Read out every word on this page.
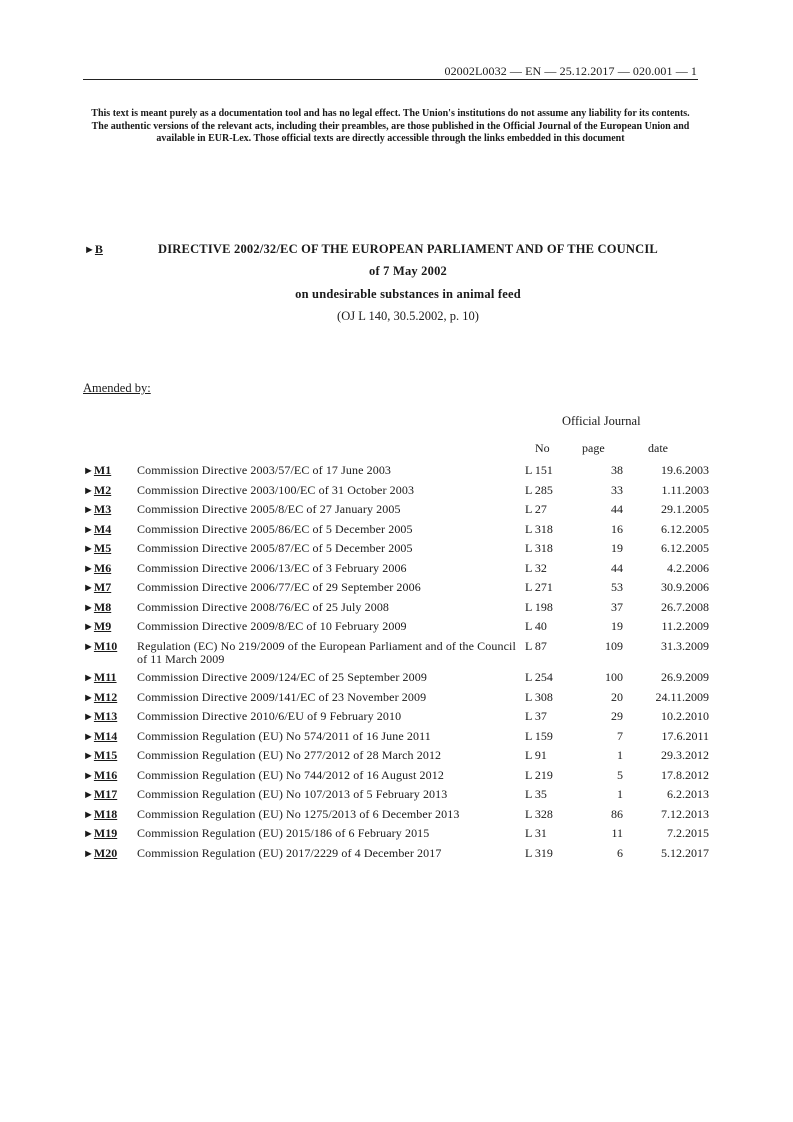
02002L0032 — EN — 25.12.2017 — 020.001 — 1
This text is meant purely as a documentation tool and has no legal effect. The Union's institutions do not assume any liability for its contents. The authentic versions of the relevant acts, including their preambles, are those published in the Official Journal of the European Union and available in EUR-Lex. Those official texts are directly accessible through the links embedded in this document
►B	DIRECTIVE 2002/32/EC OF THE EUROPEAN PARLIAMENT AND OF THE COUNCIL
of 7 May 2002
on undesirable substances in animal feed
(OJ L 140, 30.5.2002, p. 10)
Amended by:
Official Journal
No	page	date
►M1	Commission Directive 2003/57/EC of 17 June 2003	L 151	38	19.6.2003
►M2	Commission Directive 2003/100/EC of 31 October 2003	L 285	33	1.11.2003
►M3	Commission Directive 2005/8/EC of 27 January 2005	L 27	44	29.1.2005
►M4	Commission Directive 2005/86/EC of 5 December 2005	L 318	16	6.12.2005
►M5	Commission Directive 2005/87/EC of 5 December 2005	L 318	19	6.12.2005
►M6	Commission Directive 2006/13/EC of 3 February 2006	L 32	44	4.2.2006
►M7	Commission Directive 2006/77/EC of 29 September 2006	L 271	53	30.9.2006
►M8	Commission Directive 2008/76/EC of 25 July 2008	L 198	37	26.7.2008
►M9	Commission Directive 2009/8/EC of 10 February 2009	L 40	19	11.2.2009
►M10	Regulation (EC) No 219/2009 of the European Parliament and of the Council of 11 March 2009	L 87	109	31.3.2009
►M11	Commission Directive 2009/124/EC of 25 September 2009	L 254	100	26.9.2009
►M12	Commission Directive 2009/141/EC of 23 November 2009	L 308	20	24.11.2009
►M13	Commission Directive 2010/6/EU of 9 February 2010	L 37	29	10.2.2010
►M14	Commission Regulation (EU) No 574/2011 of 16 June 2011	L 159	7	17.6.2011
►M15	Commission Regulation (EU) No 277/2012 of 28 March 2012	L 91	1	29.3.2012
►M16	Commission Regulation (EU) No 744/2012 of 16 August 2012	L 219	5	17.8.2012
►M17	Commission Regulation (EU) No 107/2013 of 5 February 2013	L 35	1	6.2.2013
►M18	Commission Regulation (EU) No 1275/2013 of 6 December 2013	L 328	86	7.12.2013
►M19	Commission Regulation (EU) 2015/186 of 6 February 2015	L 31	11	7.2.2015
►M20	Commission Regulation (EU) 2017/2229 of 4 December 2017	L 319	6	5.12.2017
